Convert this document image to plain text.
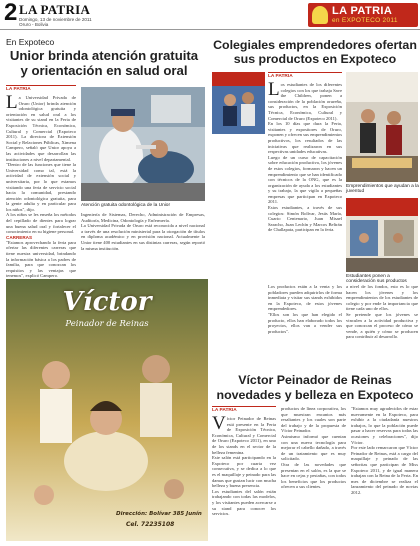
2 LA PATRIA
Domingo, 13 de noviembre de 2011
Oruro - Bolivia
LA PATRIA
en EXPOTECO 2011
En Expoteco
Unior brinda atención gratuita y orientación en salud oral
LA PATRIA
La Universidad Privada de Oruro (Unior) brinda atención odontológica gratuita y orientación en salud oral a los visitantes de su stand en la Feria de Exposición Técnica, Económica, Cultural y Comercial (Expoteco 2011). La directora de Extensión Social y Relaciones Públicas, Ximena Campero, señaló que Unior apoya a las actividades que desarrollan las instituciones a nivel departamental.
"Dentro de las funciones que tiene la Universidad como tal, está la actividad de extensión social y universitaria, por lo que estamos visitando una feria de servicio social hacia la comunidad, prestando atención odontológica gratuita, para la gente adulta y en particular para los niños", dijo.
A los niños se les enseña los métodos del cepillado de dientes para lograr una buena salud oral y fortalecer el conocimiento en su higiene personal.
CARRERAS
"Estamos aprovechando la feria para ofertar las diferentes carreras que tiene nuestra universidad, brindando la información básica a los padres de familia, para que conozcan los requisitos y las ventajas que tenemos", explicó Campero.
Atención gratuita odontológica de la Unior
Ingeniería de Sistemas, Derecho, Administración de Empresas, Auditoría, Medicina, Odontología y Enfermería.
La Universidad Privada de Oruro está reconocida a nivel nacional a través de una resolución ministerial para la otorgación de títulos en diploma académico y en provisión nacional. Actualmente la Unior tiene 400 estudiantes en sus distintas carreras, según reportó la misma institución.
Colegiales emprendedores ofertan sus productos en Expoteco
LA PATRIA
Los estudiantes de los diferentes colegios con los que trabaja Save the Children, ponen a consideración de la población orureña, sus productos, en la Exposición Técnica, Económica, Cultural y Comercial de Oruro (Expoteco 2011).
En los 10 días que dura la Feria, visitantes y expositores de Oruro, exponen y ofrecen sus emprendimientos productivos, los resultados de las iniciativas que realizaron en sus respectivas unidades educativas.
Luego de un curso de capacitación sobre educación productiva, los jóvenes de estos colegios, formaron y hacen un emprendimiento que se han identificado con técnicos de la ONG, que es la organización de ayuda a los estudiantes y su trabajo, la que vigila a pequeñas empresas que participan en Expoteco 2011.
Estos estudiantes, a través de sus colegios: Simón Bolívar, Jesús María, Cuarto Centenario, Juan Misael Saracho, Juan Lechín y Marcos Beltrán de Challapata, participan en la feria.
Emprendimientos que ayudan a la juventud
Estudiantes ponen a consideración sus productos
Los productos están a la venta y los pobladores pueden adquirirlos de forma inmediata y visitar sus stands exhibidos en la Expoteco, de estos jóvenes emprendedores.
"Ellos son los que han elegido el producto, ellos han elaborado todos los proyectos, ellos van a vender sus productos".
a nivel de los fondos, esto es lo que hacen los jóvenes y los emprendimientos de los estudiantes de colegio y por ende la importancia que tiene cada uno de ellos.
Se pretende que los jóvenes se vinculen a la actividad productiva y que conozcan el proceso de cómo se vende, a quién y cómo se producen para contribuir al desarrollo.
Víctor
Peinador de Reinas
Dirección: Bolívar 385 Junín
Cel. 72235108
Víctor Peinador de Reinas novedades y belleza en Expoteco
LA PATRIA
Víctor Peinador de Reinas está presente en la Feria de Exposición Técnica, Económica, Cultural y Comercial de Oruro (Expoteco 2011), en uno de los stands en el sector de la belleza femenina.
Este salón está participando en la Expoteco por cuarta vez consecutiva, y se dedica a lo que es el maquillaje y peinado para las damas que gustan lucir con mucha belleza y buena presencia.
Los estudiantes del salón están trabajando con todas las modelos, y los visitantes pueden acercarse a su stand para conocer los servicios.
productos de línea corporativa, los que muestran encantos más resaltantes y los cuales son parte del trabajo y de la propuesta de Víctor Peinador.
Asimismo informó que cuentan con una nueva tecnología para mejorar el cabello dañado, a través de un tratamiento que es muy solicitado.
Otra de las novedades que presentan en el salón, es la que se hace en cejas y pestañas, con todos los beneficios que los productos ofrecen a sus clientes.
"Estamos muy agradecidos de estar nuevamente en la Expoteco, para exhibir a la ciudadanía nuestros trabajos, lo que la población puede pasar a hacer reservas para todas las ocasiones y celebraciones", dijo Víctor.
Por este lado remarcaron que Víctor Peinador de Reinas, está a cargo del maquillaje y peinado de las señoritas que participan de Miss Expoteco 2011, y de igual manera trabajan con la Reina de la Feria. En mes de diciembre se realiza el lanzamiento del peinado de novias 2012.
